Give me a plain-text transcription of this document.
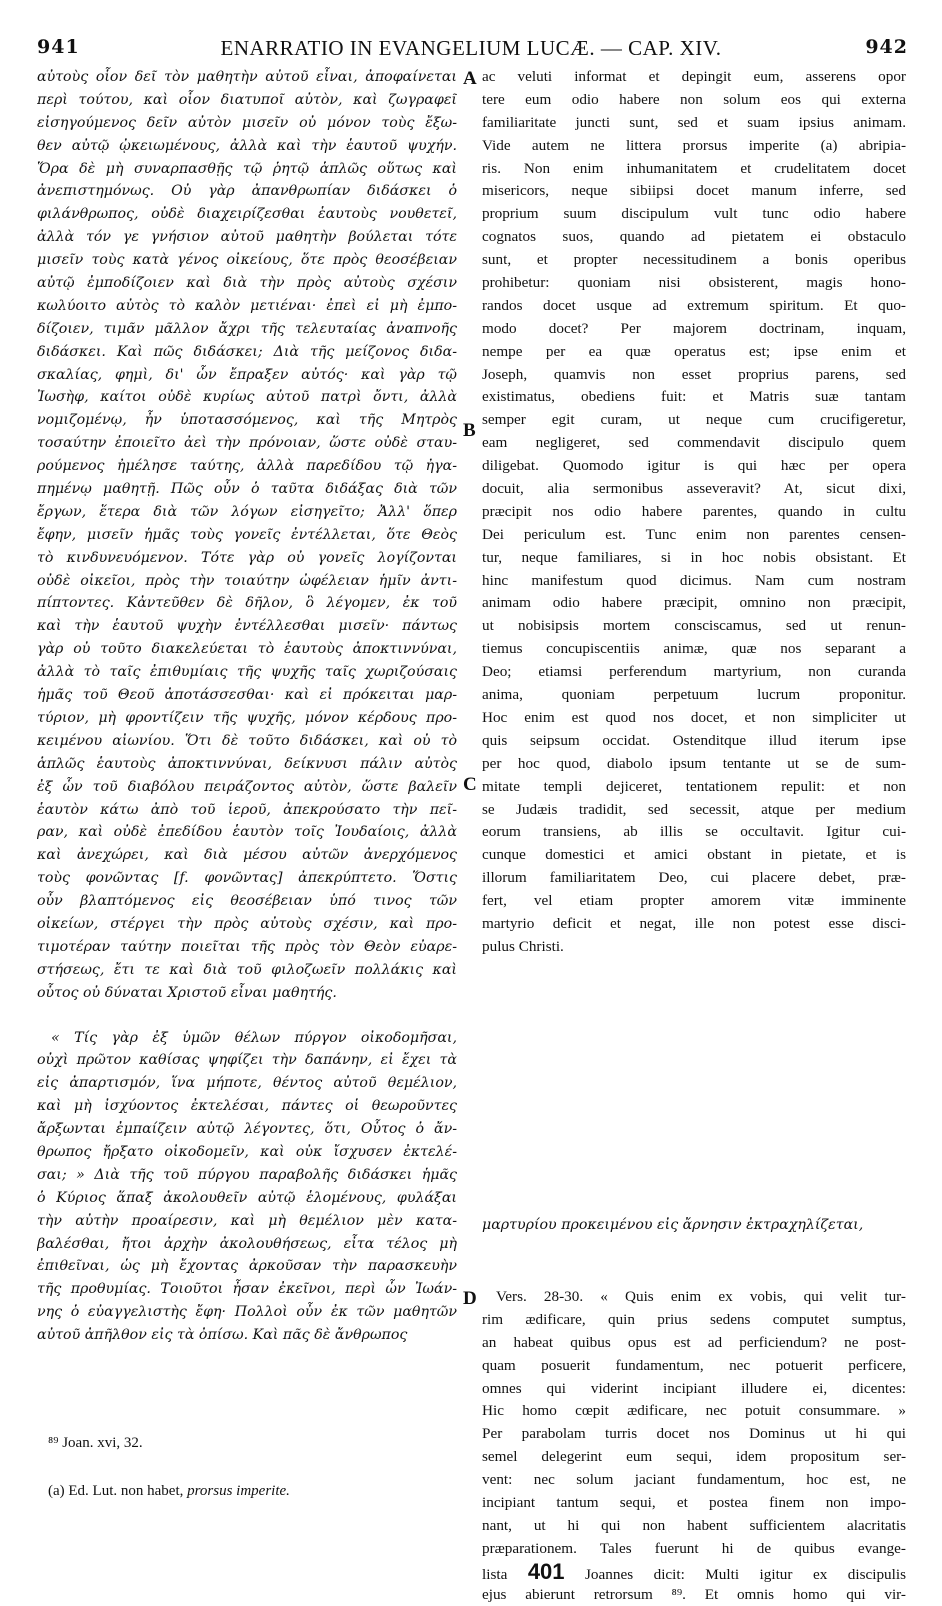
941	ENARRATIO IN EVANGELIUM LUCÆ. — CAP. XIV.	942
αὐτοὺς οἷον δεῖ τὸν μαθητὴν αὐτοῦ εἶναι, ἀποφαίνεται
περὶ τούτου, καὶ οἷον διατυποῖ αὐτὸν, καὶ ζωγραφεῖ
εἰσηγούμενος δεῖν αὐτὸν μισεῖν οὐ μόνον τοὺς ἔξω-
θεν αὐτῷ ᾠκειωμένους, ἀλλὰ καὶ τὴν ἑαυτοῦ ψυχήν.
Ὅρα δὲ μὴ συναρπασθῇς τῷ ῥητῷ ἁπλῶς οὕτως καὶ
ἀνεπιστημόνως. Οὐ γὰρ ἀπανθρωπίαν διδάσκει ὁ
φιλάνθρωπος, οὐδὲ διαχειρίζεσθαι ἑαυτοὺς νουθετεῖ,
ἀλλὰ τόν γε γνήσιον αὐτοῦ μαθητὴν βούλεται τότε
μισεῖν τοὺς κατὰ γένος οἰκείους, ὅτε πρὸς θεοσέβειαν
αὐτῷ ἐμποδίζοιεν καὶ διὰ τὴν πρὸς αὐτοὺς σχέσιν
κωλύοιτο αὐτὸς τὸ καλὸν μετιέναι· ἐπεὶ εἰ μὴ ἐμπο-
δίζοιεν, τιμᾶν μᾶλλον ἄχρι τῆς τελευταίας ἀναπνοῆς
διδάσκει. Καὶ πῶς διδάσκει; Διὰ τῆς μείζονος διδα-
σκαλίας, φημὶ, δι' ὧν ἔπραξεν αὐτός· καὶ γὰρ τῷ
Ἰωσὴφ, καίτοι οὐδὲ κυρίως αὐτοῦ πατρὶ ὄντι, ἀλλὰ
νομιζομένῳ, ἦν ὑποτασσόμενος, καὶ τῆς Μητρὸς
τοσαύτην ἐποιεῖτο ἀεὶ τὴν πρόνοιαν, ὥστε οὐδὲ σταυ-
ρούμενος ἠμέλησε ταύτης, ἀλλὰ παρεδίδου τῷ ἠγα-
πημένῳ μαθητῇ. Πῶς οὖν ὁ ταῦτα διδάξας διὰ τῶν
ἔργων, ἕτερα διὰ τῶν λόγων εἰσηγεῖτο; Ἀλλ' ὅπερ
ἔφην, μισεῖν ἡμᾶς τοὺς γονεῖς ἐντέλλεται, ὅτε Θεὸς
τὸ κινδυνευόμενον. Τότε γὰρ οὐ γονεῖς λογίζονται
οὐδὲ οἰκεῖοι, πρὸς τὴν τοιαύτην ὠφέλειαν ἡμῖν ἀντι-
πίπτοντες. Κἀντεῦθεν δὲ δῆλον, ὃ λέγομεν, ἐκ τοῦ
καὶ τὴν ἑαυτοῦ ψυχὴν ἐντέλλεσθαι μισεῖν· πάντως
γὰρ οὐ τοῦτο διακελεύεται τὸ ἑαυτοὺς ἀποκτιννύναι,
ἀλλὰ τὸ ταῖς ἐπιθυμίαις τῆς ψυχῆς ταῖς χωριζούσαις
ἡμᾶς τοῦ Θεοῦ ἀποτάσσεσθαι· καὶ εἰ πρόκειται μαρ-
τύριον, μὴ φροντίζειν τῆς ψυχῆς, μόνον κέρδους προ-
κειμένου αἰωνίου. Ὅτι δὲ τοῦτο διδάσκει, καὶ οὐ τὸ
ἁπλῶς ἑαυτοὺς ἀποκτιννύναι, δείκνυσι πάλιν αὐτὸς
ἐξ ὧν τοῦ διαβόλου πειράζοντος αὐτὸν, ὥστε βαλεῖν
ἑαυτὸν κάτω ἀπὸ τοῦ ἱεροῦ, ἀπεκρούσατο τὴν πεῖ-
ραν, καὶ οὐδὲ ἐπεδίδου ἑαυτὸν τοῖς Ἰουδαίοις, ἀλλὰ
καὶ ἀνεχώρει, καὶ διὰ μέσου αὐτῶν ἀνερχόμενος
τοὺς φονῶντας [f. φονῶντας] ἀπεκρύπτετο. Ὅστις
οὖν βλαπτόμενος εἰς θεοσέβειαν ὑπό τινος τῶν
οἰκείων, στέργει τὴν πρὸς αὐτοὺς σχέσιν, καὶ προ-
τιμοτέραν ταύτην ποιεῖται τῆς πρὸς τὸν Θεὸν εὐαρε-
στήσεως, ἔτι τε καὶ διὰ τοῦ φιλοζωεῖν πολλάκις καὶ
οὗτος οὐ δύναται Χριστοῦ εἶναι μαθητής.
« Τίς γὰρ ἐξ ὑμῶν θέλων πύργον οἰκοδομῆσαι,
οὐχὶ πρῶτον καθίσας ψηφίζει τὴν δαπάνην, εἰ ἔχει τὰ
εἰς ἀπαρτισμόν, ἵνα μήποτε, θέντος αὐτοῦ θεμέλιον,
καὶ μὴ ἰσχύοντος ἐκτελέσαι, πάντες οἱ θεωροῦντες
ἄρξωνται ἐμπαίζειν αὐτῷ λέγοντες, ὅτι, Οὗτος ὁ ἄν-
θρωπος ἤρξατο οἰκοδομεῖν, καὶ οὐκ ἴσχυσεν ἐκτελέ-
σαι; » Διὰ τῆς τοῦ πύργου παραβολῆς διδάσκει ἡμᾶς
ὁ Κύριος ἅπαξ ἀκολουθεῖν αὐτῷ ἑλομένους, φυλάξαι
τὴν αὐτὴν προαίρεσιν, καὶ μὴ θεμέλιον μὲν κατα-
βαλέσθαι, ἤτοι ἀρχὴν ἀκολουθήσεως, εἶτα τέλος μὴ
ἐπιθεῖναι, ὡς μὴ ἔχοντας ἀρκοῦσαν τὴν παρασκευὴν
τῆς προθυμίας. Τοιοῦτοι ἦσαν ἐκεῖνοι, περὶ ὧν Ἰωάν-
νης ὁ εὐαγγελιστὴς ἔφη· Πολλοὶ οὖν ἐκ τῶν μαθητῶν
αὐτοῦ ἀπῆλθον εἰς τὰ ὀπίσω. Καὶ πᾶς δὲ ἄνθρωπος
ac veluti informat et depingit eum, asserens opor
tere eum odio habere non solum eos qui externa
familiaritate juncti sunt, sed et suam ipsius animam.
Vide autem ne littera prorsus imperite (a) abripia-
ris. Non enim inhumanitatem et crudelitatem docet
misericors, neque sibiipsi docet manum inferre, sed
proprium suum discipulum vult tunc odio habere
cognatos suos, quando ad pietatem ei obstaculo
sunt, et propter necessitudinem a bonis operibus
prohibetur: quoniam nisi obsisterent, magis hono-
randos docet usque ad extremum spiritum. Et quo-
modo docet? Per majorem doctrinam, inquam,
nempe per ea quæ operatus est; ipse enim et
Joseph, quamvis non esset proprius parens, sed
existimatus, obediens fuit: et Matris suæ tantam
semper egit curam, ut neque cum crucifigeretur,
eam negligeret, sed commendavit discipulo quem
diligebat. Quomodo igitur is qui hæc per opera
docuit, alia sermonibus asseveravit? At, sicut dixi,
præcipit nos odio habere parentes, quando in cultu
Dei periculum est. Tunc enim non parentes censen-
tur, neque familiares, si in hoc nobis obsistant. Et
hinc manifestum quod dicimus. Nam cum nostram
animam odio habere præcipit, omnino non præcipit,
ut nobisipsis mortem consciscamus, sed ut renun-
tiemus concupiscentiis animæ, quæ nos separant a
Deo; etiamsi perferendum martyrium, non curanda
anima, quoniam perpetuum lucrum proponitur.
Hoc enim est quod nos docet, et non simpliciter ut
quis seipsum occidat. Ostenditque illud iterum ipse
per hoc quod, diabolo ipsum tentante ut se de sum-
mitate templi dejiceret, tentationem repulit: et non
se Judæis tradidit, sed secessit, atque per medium
eorum transiens, ab illis se occultavit. Igitur cui-
cunque domestici et amici obstant in pietate, et is
illorum familiaritatem Deo, cui placere debet, præ-
fert, vel etiam propter amorem vitæ imminente
martyrio deficit et negat, ille non potest esse disci-
pulus Christi.
μαρτυρίου προκειμένου εἰς ἄρνησιν ἐκτραχηλίζεται,
Vers. 28-30. « Quis enim ex vobis, qui velit tur-
rim ædificare, quin prius sedens computet sumptus,
an habeat quibus opus est ad perficiendum? ne post-
quam posuerit fundamentum, nec potuerit perficere,
omnes qui viderint incipiant illudere ei, dicentes:
Hic homo cœpit ædificare, nec potuit consummare. »
Per parabolam turris docet nos Dominus ut hi qui
semel delegerint eum sequi, idem propositum ser-
vent: nec solum jaciant fundamentum, hoc est, ne
incipiant tantum sequi, et postea finem non impo-
nant, ut hi qui non habent sufficientem alacritatis
præparationem. Tales fuerunt hi de quibus evange-
lista 401 Joannes dicit: Multi igitur ex discipulis
ejus abierunt retrorsum ⁸⁹. Et omnis homo qui vir-
A
B
C
D
⁸⁹ Joan. xvi, 32.
(a) Ed. Lut. non habet, prorsus imperite.
